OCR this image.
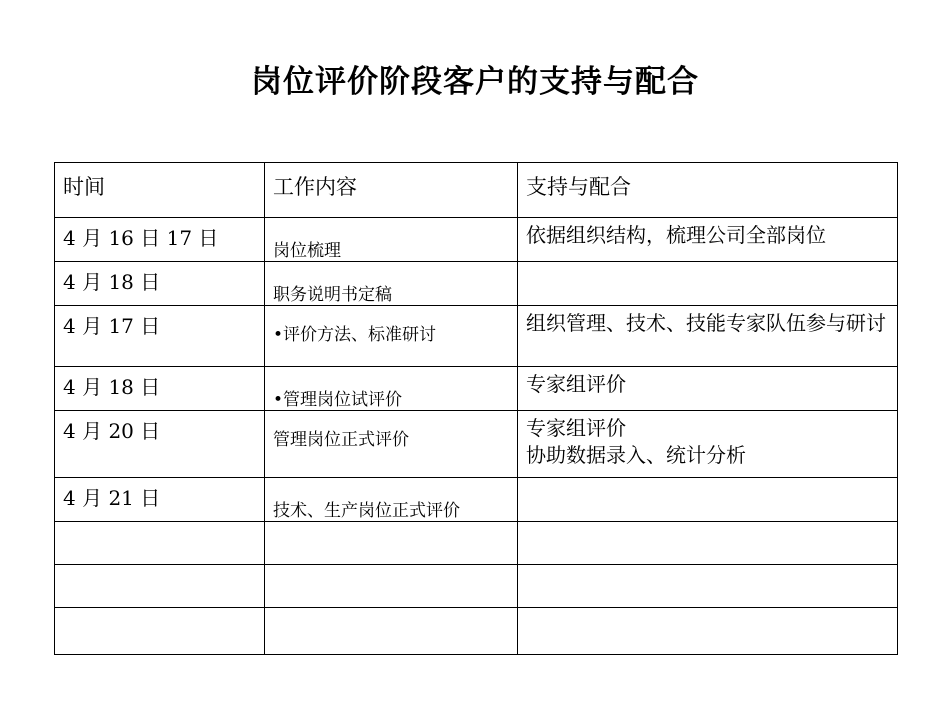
岗位评价阶段客户的支持与配合
时间	工作内容	支持与配合
4 月 16 日 17 日	岗位梳理	依据组织结构，梳理公司全部岗位

4 月 18 日	职务说明书定稿	

4 月 17 日	•评价方法、标准研讨	组织管理、技术、技能专家队伍参与研讨

4 月 18 日	•管理岗位试评价	专家组评价

4 月 20 日	管理岗位正式评价	专家组评价
协助数据录入、统计分析

4 月 21 日	技术、生产岗位正式评价	
